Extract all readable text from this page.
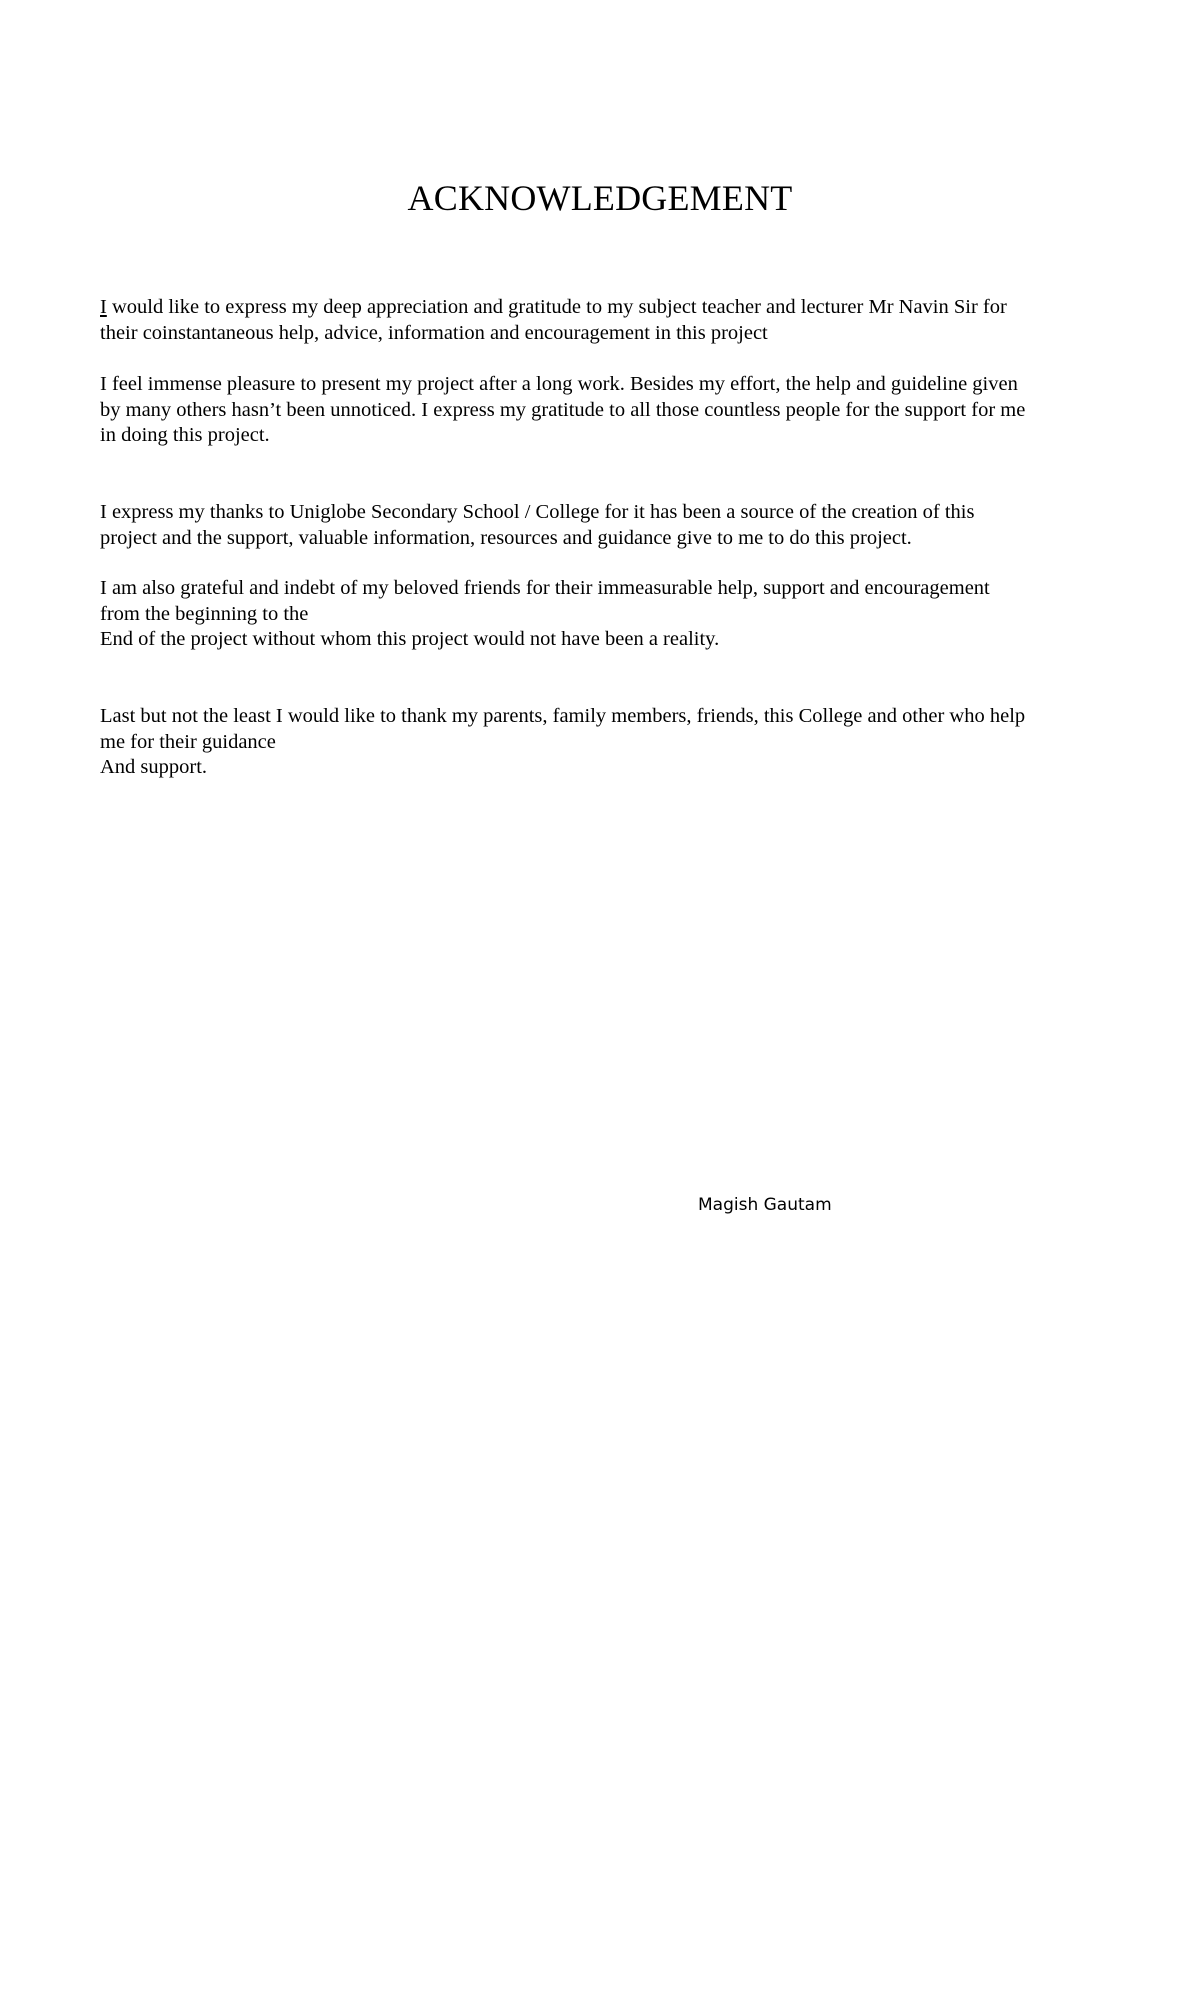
ACKNOWLEDGEMENT

I would like to express my deep appreciation and gratitude to my subject teacher and lecturer Mr Navin Sir for
their coinstantaneous help, advice, information and encouragement in this project

I feel immense pleasure to present my project after a long work. Besides my effort, the help and guideline given
by many others hasn’t been unnoticed. I express my gratitude to all those countless people for the support for me
in doing this project.

I express my thanks to Uniglobe Secondary School / College for it has been a source of the creation of this
project and the support, valuable information, resources and guidance give to me to do this project.

I am also grateful and indebt of my beloved friends for their immeasurable help, support and encouragement
from the beginning to the
End of the project without whom this project would not have been a reality.

Last but not the least I would like to thank my parents, family members, friends, this College and other who help
me for their guidance
And support.

Magish Gautam
